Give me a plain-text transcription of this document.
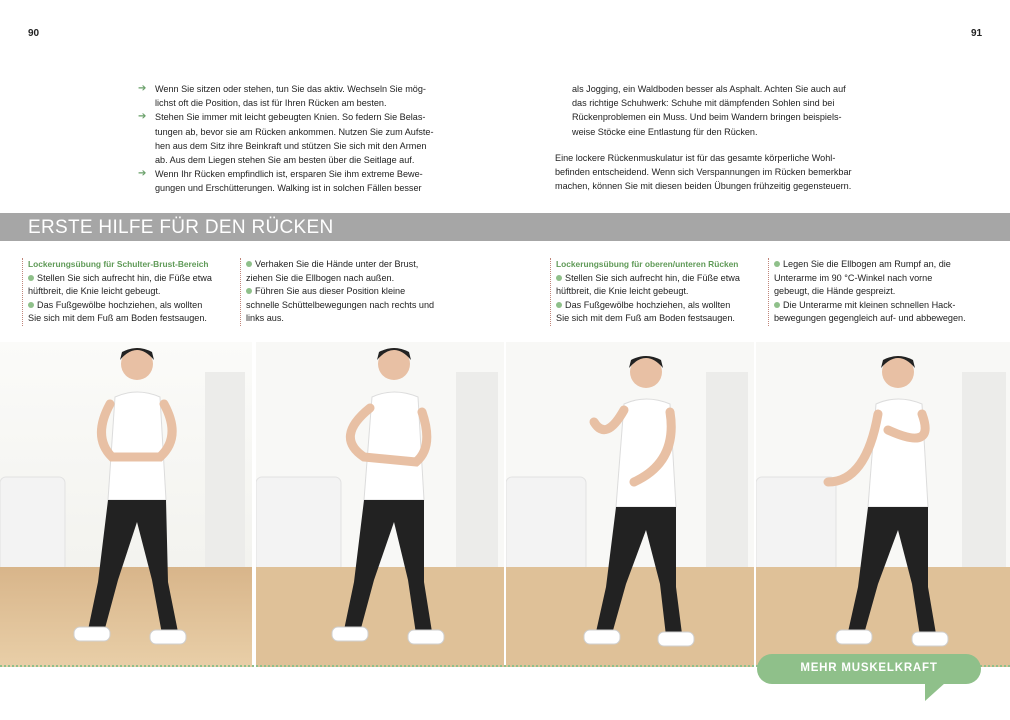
90	91
➔ Wenn Sie sitzen oder stehen, tun Sie das aktiv. Wechseln Sie mög-
lichst oft die Position, das ist für Ihren Rücken am besten.
➔ Stehen Sie immer mit leicht gebeugten Knien. So federn Sie Belas-
tungen ab, bevor sie am Rücken ankommen. Nutzen Sie zum Aufste-
hen aus dem Sitz ihre Beinkraft und stützen Sie sich mit den Armen
ab. Aus dem Liegen stehen Sie am besten über die Seitlage auf.
➔ Wenn Ihr Rücken empfindlich ist, ersparen Sie ihm extreme Bewe-
gungen und Erschütterungen. Walking ist in solchen Fällen besser
als Jogging, ein Waldboden besser als Asphalt. Achten Sie auch auf
das richtige Schuhwerk: Schuhe mit dämpfenden Sohlen sind bei
Rückenproblemen ein Muss. Und beim Wandern bringen beispiels-
weise Stöcke eine Entlastung für den Rücken.
Eine lockere Rückenmuskulatur ist für das gesamte körperliche Wohl-
befinden entscheidend. Wenn sich Verspannungen im Rücken bemerkbar
machen, können Sie mit diesen beiden Übungen frühzeitig gegensteuern.
ERSTE HILFE FÜR DEN RÜCKEN
Lockerungsübung für Schulter-Brust-Bereich
Stellen Sie sich aufrecht hin, die Füße etwa
hüftbreit, die Knie leicht gebeugt.
Das Fußgewölbe hochziehen, als wollten
Sie sich mit dem Fuß am Boden festsaugen.
Verhaken Sie die Hände unter der Brust,
ziehen Sie die Ellbogen nach außen.
Führen Sie aus dieser Position kleine
schnelle Schüttelbewegungen nach rechts und
links aus.
Lockerungsübung für oberen/unteren Rücken
Stellen Sie sich aufrecht hin, die Füße etwa
hüftbreit, die Knie leicht gebeugt.
Das Fußgewölbe hochziehen, als wollten
Sie sich mit dem Fuß am Boden festsaugen.
Legen Sie die Ellbogen am Rumpf an, die
Unterarme im 90 °C-Winkel nach vorne
gebeugt, die Hände gespreizt.
Die Unterarme mit kleinen schnellen Hack-
bewegungen gegengleich auf- und abbewegen.
MEHR MUSKELKRAFT
